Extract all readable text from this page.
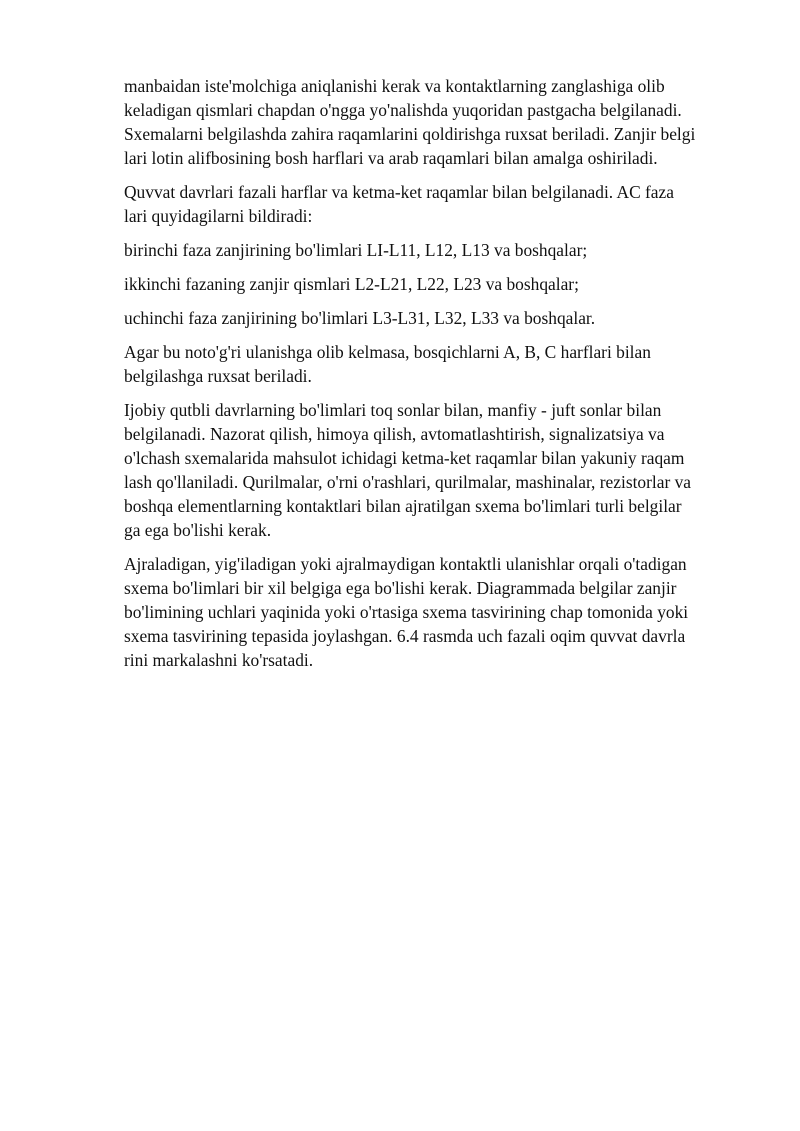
manbaidan iste'molchiga aniqlanishi kerak va kontaktlarning zanglashiga olib
keladigan qismlari chapdan o'ngga yo'nalishda yuqoridan pastgacha belgilanadi.
Sxemalarni belgilashda zahira raqamlarini qoldirishga ruxsat beriladi. Zanjir belgi
lari lotin alifbosining bosh harflari va arab raqamlari bilan amalga oshiriladi.

Quvvat davrlari fazali harflar va ketma-ket raqamlar bilan belgilanadi. AC faza
lari quyidagilarni bildiradi:

birinchi faza zanjirining bo'limlari LI-L11, L12, L13 va boshqalar;

ikkinchi fazaning zanjir qismlari L2-L21, L22, L23 va boshqalar;

uchinchi faza zanjirining bo'limlari L3-L31, L32, L33 va boshqalar.

Agar bu noto'g'ri ulanishga olib kelmasa, bosqichlarni A, B, C harflari bilan
belgilashga ruxsat beriladi.

Ijobiy qutbli davrlarning bo'limlari toq sonlar bilan, manfiy - juft sonlar bilan
belgilanadi. Nazorat qilish, himoya qilish, avtomatlashtirish, signalizatsiya va
o'lchash sxemalarida mahsulot ichidagi ketma-ket raqamlar bilan yakuniy raqam
lash qo'llaniladi. Qurilmalar, o'rni o'rashlari, qurilmalar, mashinalar, rezistorlar va
boshqa elementlarning kontaktlari bilan ajratilgan sxema bo'limlari turli belgilar
ga ega bo'lishi kerak.

Ajraladigan, yig'iladigan yoki ajralmaydigan kontaktli ulanishlar orqali o'tadigan
sxema bo'limlari bir xil belgiga ega bo'lishi kerak. Diagrammada belgilar zanjir
bo'limining uchlari yaqinida yoki o'rtasiga sxema tasvirining chap tomonida yoki
sxema tasvirining tepasida joylashgan. 6.4 rasmda uch fazali oqim quvvat davrla
rini markalashni ko'rsatadi.
